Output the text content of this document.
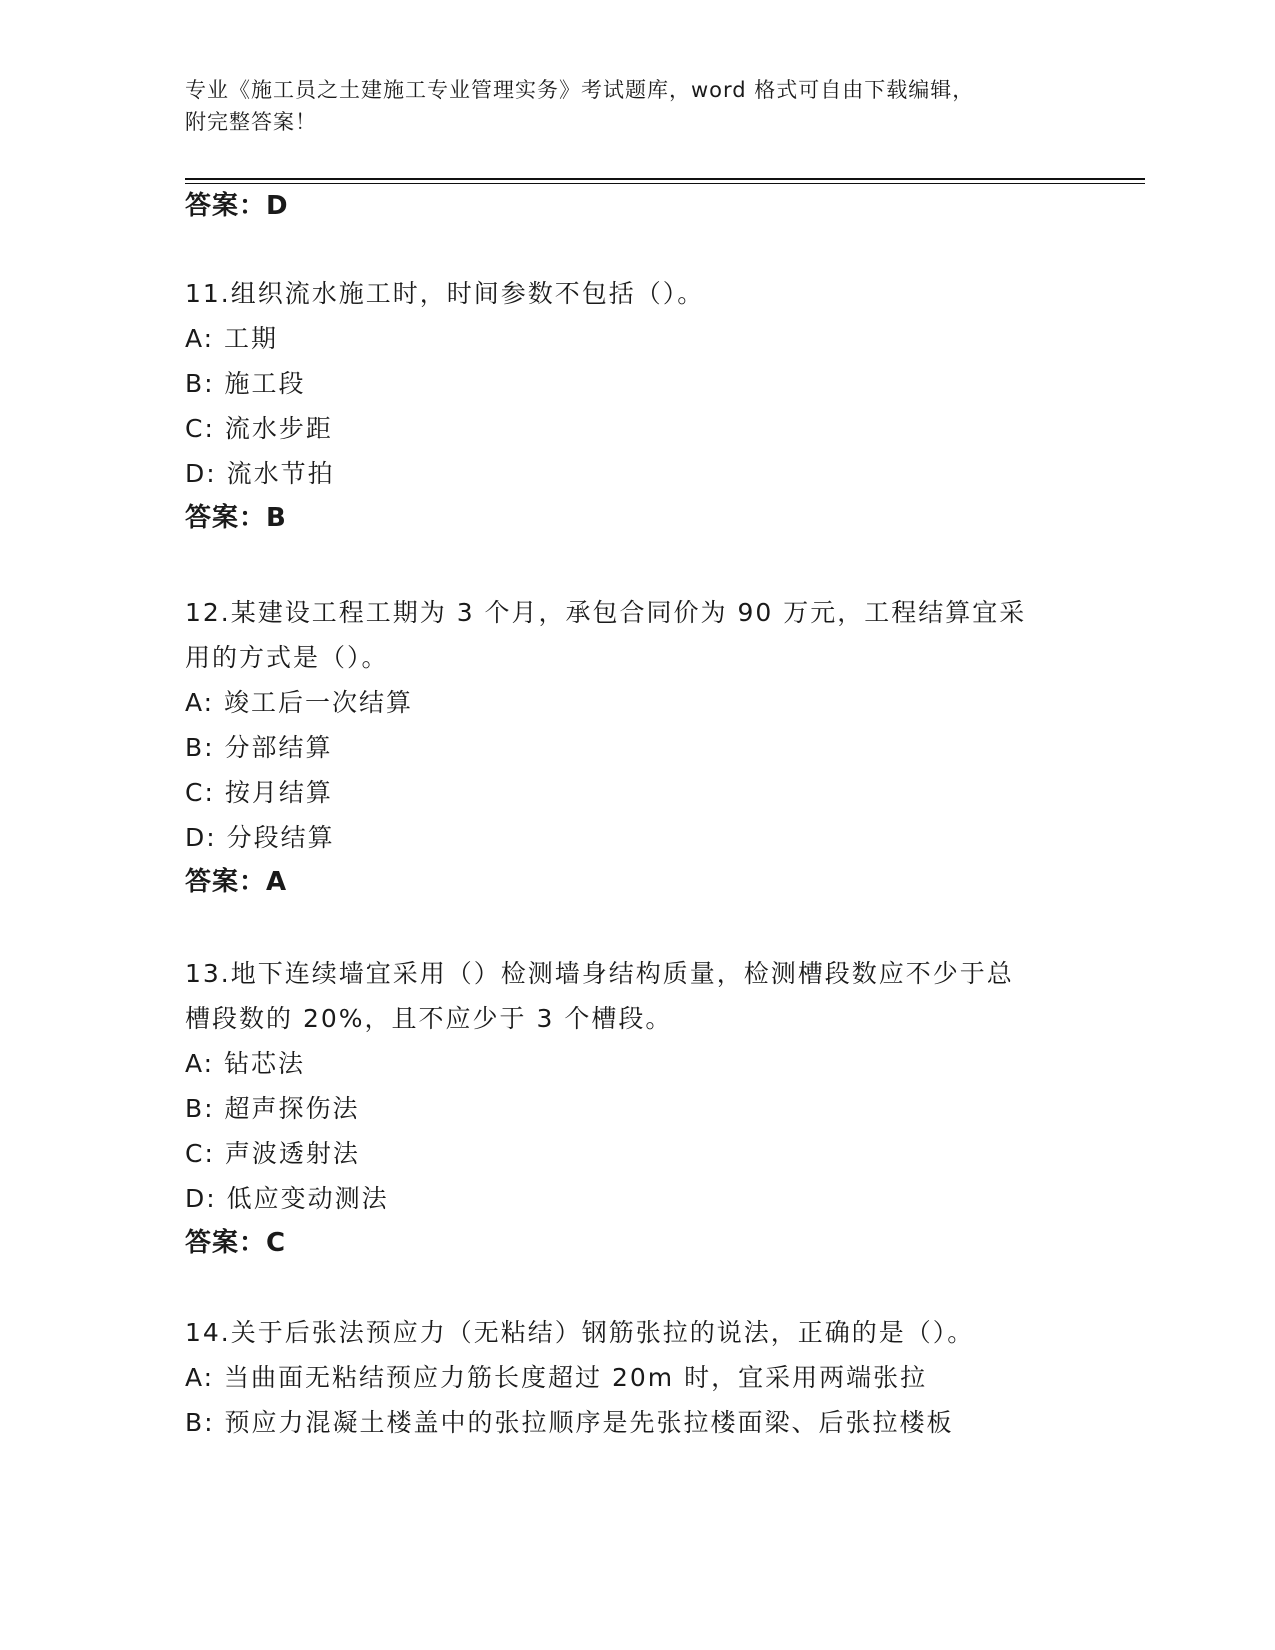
专业《施工员之土建施工专业管理实务》考试题库，word 格式可自由下载编辑，
附完整答案！
答案：D
11.组织流水施工时，时间参数不包括（）。
A: 工期
B: 施工段
C: 流水步距
D: 流水节拍
答案：B
12.某建设工程工期为 3 个月，承包合同价为 90 万元，工程结算宜采
用的方式是（）。
A: 竣工后一次结算
B: 分部结算
C: 按月结算
D: 分段结算
答案：A
13.地下连续墙宜采用（）检测墙身结构质量，检测槽段数应不少于总
槽段数的 20%，且不应少于 3 个槽段。
A: 钻芯法
B: 超声探伤法
C: 声波透射法
D: 低应变动测法
答案：C
14.关于后张法预应力（无粘结）钢筋张拉的说法，正确的是（）。
A: 当曲面无粘结预应力筋长度超过 20m 时，宜采用两端张拉
B: 预应力混凝土楼盖中的张拉顺序是先张拉楼面梁、后张拉楼板
